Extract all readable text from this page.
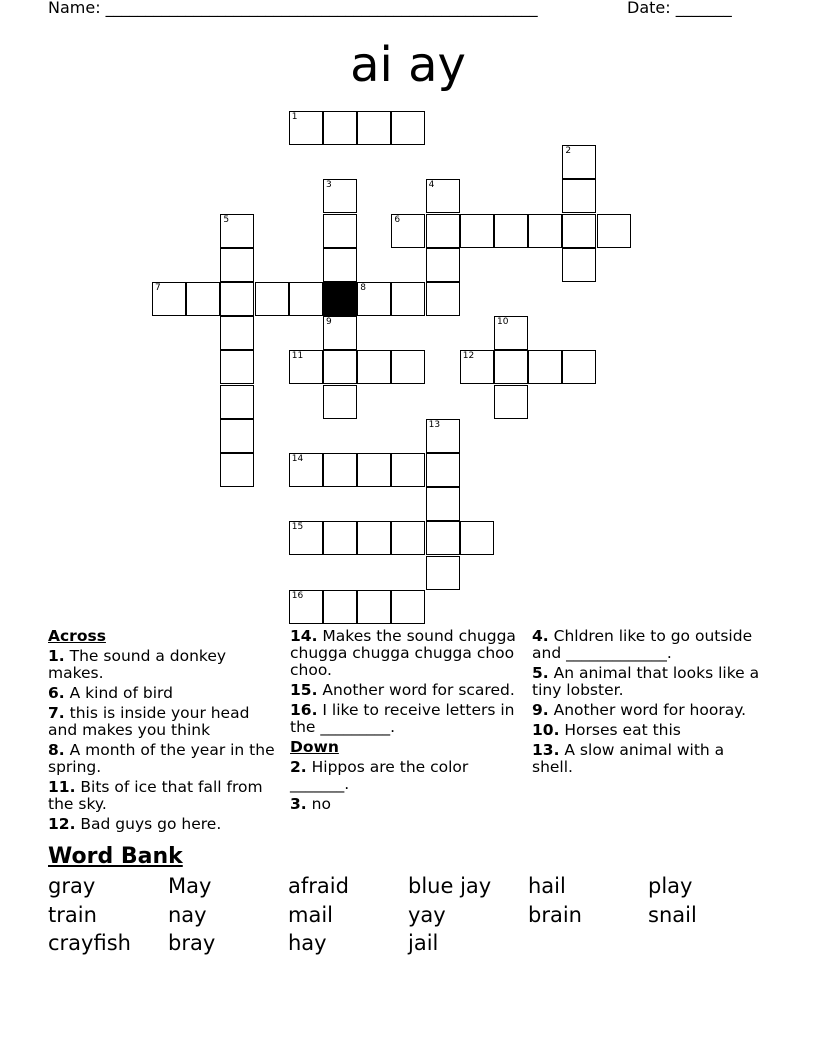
Name: ______________________________________________________	Date: _______
ai ay
1
2
3
9
4
5	6
7	8
10
11	12
13
14
15
16
Across
1. The sound a donkey makes.
6. A kind of bird
7. this is inside your head and makes you think
8. A month of the year in the spring.
11. Bits of ice that fall from the sky.
12. Bad guys go here.
14. Makes the sound chugga chugga chugga chugga choo choo.
15. Another word for scared.
16. I like to receive letters in the _________.
Down
2. Hippos are the color _______.
3. no
4. Chldren like to go outside and _____________.
5. An animal that looks like a tiny lobster.
9. Another word for hooray.
10. Horses eat this
13. A slow animal with a shell.
Word Bank
gray	May	afraid	blue jay	hail	play
train	nay	mail	yay	brain	snail
crayfish	bray	hay	jail
